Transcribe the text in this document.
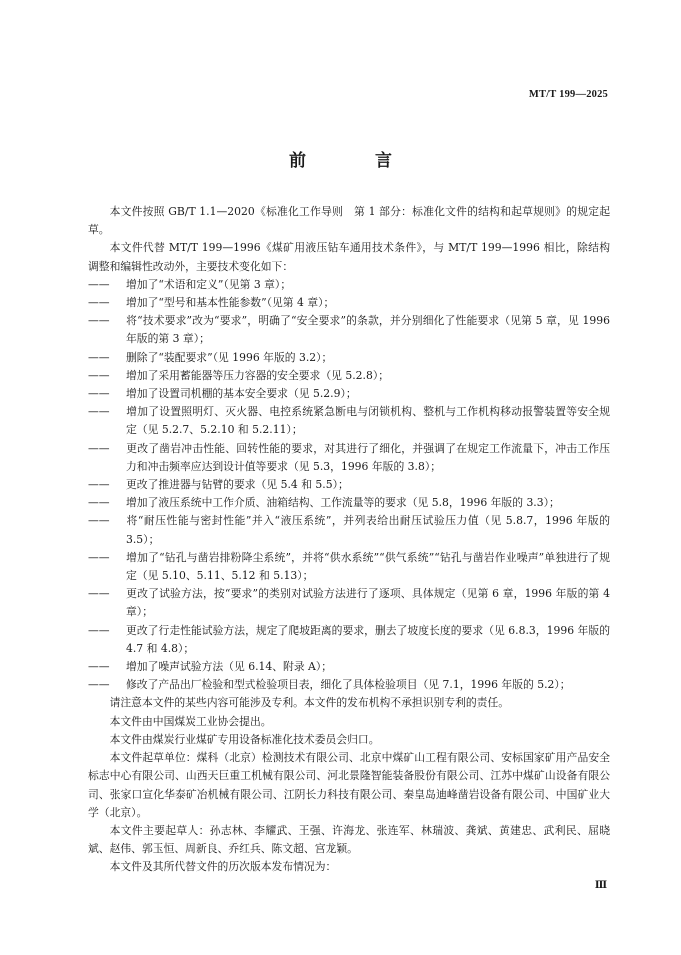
MT/T 199—2025
前　言

本文件按照 GB/T 1.1—2020《标准化工作导则　第 1 部分：标准化文件的结构和起草规则》的规定起草。

本文件代替 MT/T 199—1996《煤矿用液压钻车通用技术条件》，与 MT/T 199—1996 相比，除结构调整和编辑性改动外，主要技术变化如下：

—— 增加了“术语和定义”（见第 3 章）；

—— 增加了“型号和基本性能参数”（见第 4 章）；

—— 将“技术要求”改为“要求”，明确了“安全要求”的条款，并分别细化了性能要求（见第 5 章，见 1996 年版的第 3 章）；

—— 删除了“装配要求”（见 1996 年版的 3.2）；

—— 增加了采用蓄能器等压力容器的安全要求（见 5.2.8）；

—— 增加了设置司机棚的基本安全要求（见 5.2.9）；

—— 增加了设置照明灯、灭火器、电控系统紧急断电与闭锁机构、整机与工作机构移动报警装置等安全规定（见 5.2.7、5.2.10 和 5.2.11）；

—— 更改了凿岩冲击性能、回转性能的要求，对其进行了细化，并强调了在规定工作流量下，冲击工作压力和冲击频率应达到设计值等要求（见 5.3，1996 年版的 3.8）；

—— 更改了推进器与钻臂的要求（见 5.4 和 5.5）；

—— 增加了液压系统中工作介质、油箱结构、工作流量等的要求（见 5.8，1996 年版的 3.3）；

—— 将“耐压性能与密封性能”并入“液压系统”，并列表给出耐压试验压力值（见 5.8.7，1996 年版的 3.5）；

—— 增加了“钻孔与凿岩排粉降尘系统”，并将“供水系统”“供气系统”“钻孔与凿岩作业噪声”单独进行了规定（见 5.10、5.11、5.12 和 5.13）；

—— 更改了试验方法，按“要求”的类别对试验方法进行了逐项、具体规定（见第 6 章，1996 年版的第 4 章）；

—— 更改了行走性能试验方法，规定了爬坡距离的要求，删去了坡度长度的要求（见 6.8.3，1996 年版的 4.7 和 4.8）；

—— 增加了噪声试验方法（见 6.14、附录 A）；

—— 修改了产品出厂检验和型式检验项目表，细化了具体检验项目（见 7.1，1996 年版的 5.2）；

请注意本文件的某些内容可能涉及专利。本文件的发布机构不承担识别专利的责任。

本文件由中国煤炭工业协会提出。

本文件由煤炭行业煤矿专用设备标准化技术委员会归口。

本文件起草单位：煤科（北京）检测技术有限公司、北京中煤矿山工程有限公司、安标国家矿用产品安全标志中心有限公司、山西天巨重工机械有限公司、河北景隆智能装备股份有限公司、江苏中煤矿山设备有限公司、张家口宣化华泰矿冶机械有限公司、江阴长力科技有限公司、秦皇岛迪峰凿岩设备有限公司、中国矿业大学（北京）。

本文件主要起草人：孙志林、李耀武、王强、许海龙、张连军、林瑞波、龚斌、黄建忠、武利民、屈晓斌、赵伟、郭玉恒、周新良、乔红兵、陈文超、宫龙颖。

本文件及其所代替文件的历次版本发布情况为：

Ⅲ
